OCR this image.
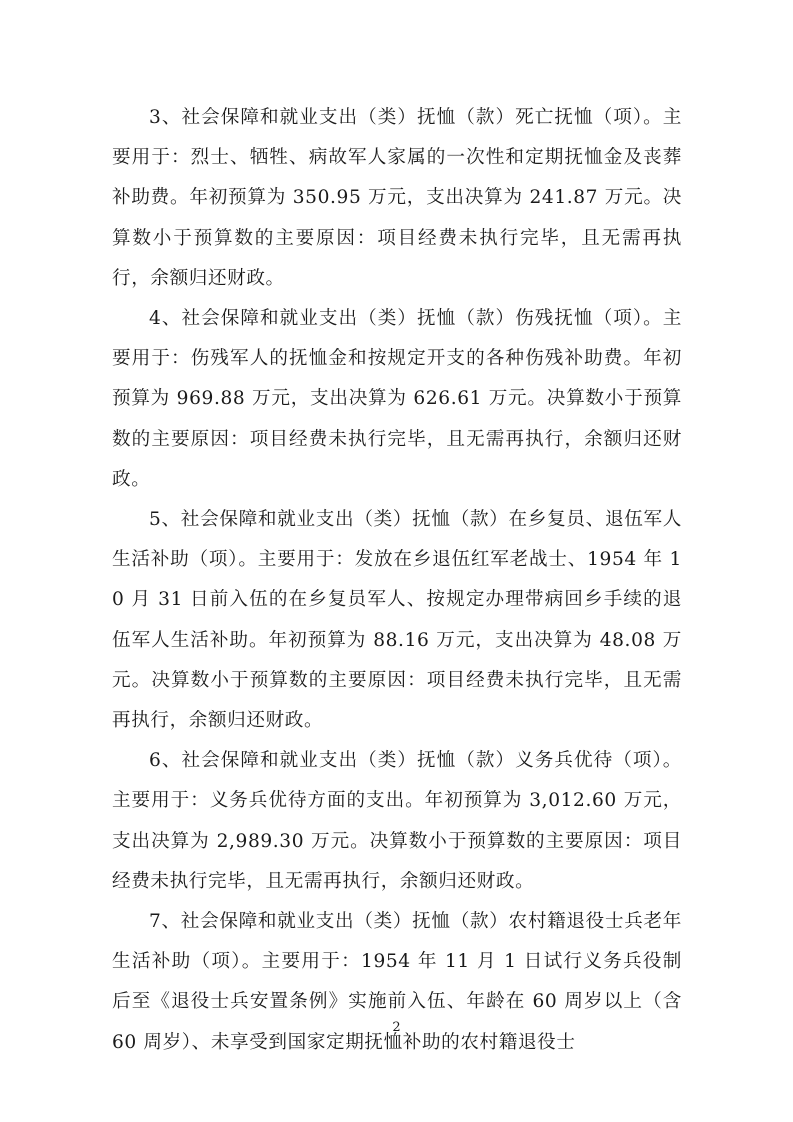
3、社会保障和就业支出（类）抚恤（款）死亡抚恤（项）。主要用于：烈士、牺牲、病故军人家属的一次性和定期抚恤金及丧葬补助费。年初预算为 350.95 万元，支出决算为 241.87 万元。决算数小于预算数的主要原因：项目经费未执行完毕，且无需再执行，余额归还财政。

4、社会保障和就业支出（类）抚恤（款）伤残抚恤（项）。主要用于：伤残军人的抚恤金和按规定开支的各种伤残补助费。年初预算为 969.88 万元，支出决算为 626.61 万元。决算数小于预算数的主要原因：项目经费未执行完毕，且无需再执行，余额归还财政。

5、社会保障和就业支出（类）抚恤（款）在乡复员、退伍军人生活补助（项）。主要用于：发放在乡退伍红军老战士、1954 年 10 月 31 日前入伍的在乡复员军人、按规定办理带病回乡手续的退伍军人生活补助。年初预算为 88.16 万元，支出决算为 48.08 万元。决算数小于预算数的主要原因：项目经费未执行完毕，且无需再执行，余额归还财政。

6、社会保障和就业支出（类）抚恤（款）义务兵优待（项）。主要用于：义务兵优待方面的支出。年初预算为 3,012.60 万元，支出决算为 2,989.30 万元。决算数小于预算数的主要原因：项目经费未执行完毕，且无需再执行，余额归还财政。

7、社会保障和就业支出（类）抚恤（款）农村籍退役士兵老年生活补助（项）。主要用于：1954 年 11 月 1 日试行义务兵役制后至《退役士兵安置条例》实施前入伍、年龄在 60 周岁以上（含 60 周岁）、未享受到国家定期抚恤补助的农村籍退役士

2
